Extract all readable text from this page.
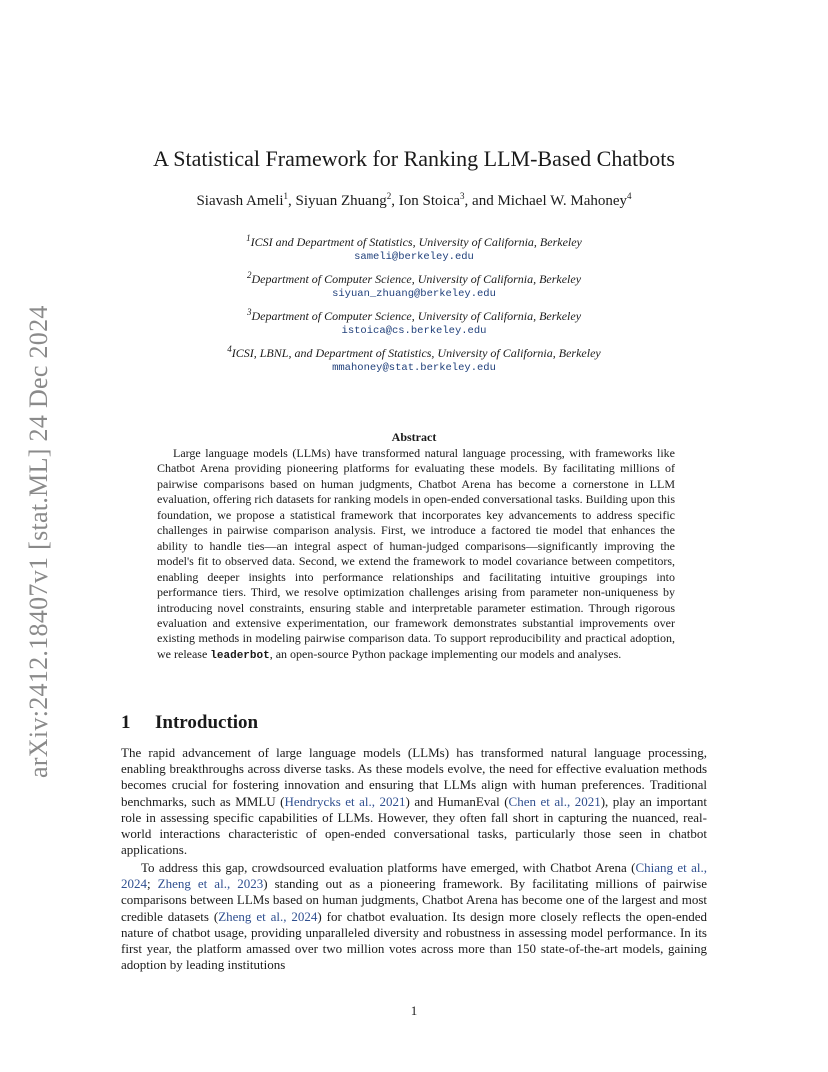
arXiv:2412.18407v1 [stat.ML] 24 Dec 2024
A Statistical Framework for Ranking LLM-Based Chatbots
Siavash Ameli$^1$, Siyuan Zhuang$^2$, Ion Stoica$^3$, and Michael W. Mahoney$^4$
$^1$ICSI and Department of Statistics, University of California, Berkeley
sameli@berkeley.edu
$^2$Department of Computer Science, University of California, Berkeley
siyuan_zhuang@berkeley.edu
$^3$Department of Computer Science, University of California, Berkeley
istoica@cs.berkeley.edu
$^4$ICSI, LBNL, and Department of Statistics, University of California, Berkeley
mmahoney@stat.berkeley.edu
Abstract
Large language models (LLMs) have transformed natural language processing, with frameworks like Chatbot Arena providing pioneering platforms for evaluating these models. By facilitating millions of pairwise comparisons based on human judgments, Chatbot Arena has become a cornerstone in LLM evaluation, offering rich datasets for ranking models in open-ended conversational tasks. Building upon this foundation, we propose a statistical framework that incorporates key advancements to address specific challenges in pairwise comparison analysis. First, we introduce a factored tie model that enhances the ability to handle ties—an integral aspect of human-judged comparisons—significantly improving the model's fit to observed data. Second, we extend the framework to model covariance between competitors, enabling deeper insights into performance relationships and facilitating intuitive groupings into performance tiers. Third, we resolve optimization challenges arising from parameter non-uniqueness by introducing novel constraints, ensuring stable and interpretable parameter estimation. Through rigorous evaluation and extensive experimentation, our framework demonstrates substantial improvements over existing methods in modeling pairwise comparison data. To support reproducibility and practical adoption, we release leaderbot, an open-source Python package implementing our models and analyses.
1 Introduction

The rapid advancement of large language models (LLMs) has transformed natural language processing, enabling breakthroughs across diverse tasks. As these models evolve, the need for effective evaluation methods becomes crucial for fostering innovation and ensuring that LLMs align with human preferences. Traditional benchmarks, such as MMLU (Hendrycks et al., 2021) and HumanEval (Chen et al., 2021), play an important role in assessing specific capabilities of LLMs. However, they often fall short in capturing the nuanced, real-world interactions characteristic of open-ended conversational tasks, particularly those seen in chatbot applications.

To address this gap, crowdsourced evaluation platforms have emerged, with Chatbot Arena (Chiang et al., 2024; Zheng et al., 2023) standing out as a pioneering framework. By facilitating millions of pairwise comparisons between LLMs based on human judgments, Chatbot Arena has become one of the largest and most credible datasets (Zheng et al., 2024) for chatbot evaluation. Its design more closely reflects the open-ended nature of chatbot usage, providing unparalleled diversity and robustness in assessing model performance. In its first year, the platform amassed over two million votes across more than 150 state-of-the-art models, gaining adoption by leading institutions

1
